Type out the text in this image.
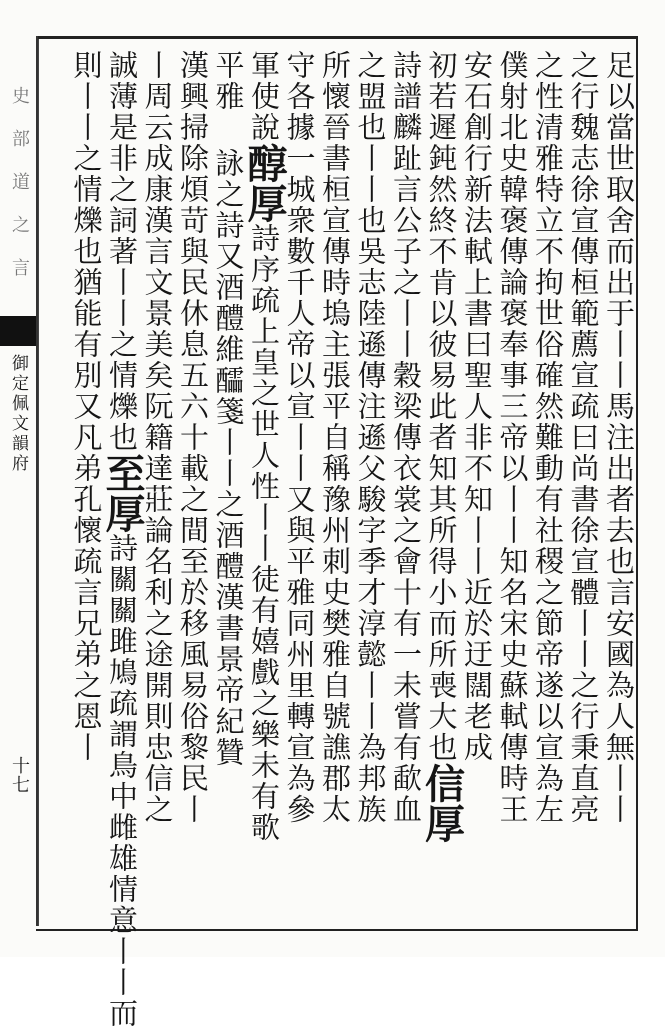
史 部 道 之 言
御定佩文韻府
十七	足以當世取舍而出于丨丨馬注出者去也言安國為人無丨丨
之行魏志徐宣傳桓範薦宣疏曰尚書徐宣體丨丨之行秉直亮
之性清雅特立不拘世俗確然難動有社稷之節帝遂以宣為左
僕射北史韓褒傳論褒奉事三帝以丨丨知名宋史蘇軾傳時王
安石創行新法軾上書曰聖人非不知丨丨近於迂闊老成
初若遲鈍然終不肯以彼易此者知其所得小而所喪大也信厚
詩譜麟趾言公子之丨丨穀梁傳衣裳之會十有一未嘗有歃血
之盟也丨丨也吳志陸遜傳注遜父駿字季才淳懿丨丨為邦族
所懷晉書桓宣傳時塢主張平自稱豫州刺史樊雅自號譙郡太
守各據一城衆數千人帝以宣丨丨又與平雅同州里轉宣為參
軍使說醇厚詩序疏上皇之世人性丨丨徒有嬉戲之樂未有歌
平雅詠之詩又酒醴維醽箋丨丨之酒醴漢書景帝紀贊
漢興掃除煩苛與民休息五六十載之間至於移風易俗黎民丨
丨周云成康漢言文景美矣阮籍達莊論名利之途開則忠信之
誠薄是非之詞著丨丨之情爍也至厚詩關關雎鳩疏謂鳥中雌雄情意丨丨而
則丨丨之情爍也猶能有別又凡弟孔懷疏言兄弟之恩丨
